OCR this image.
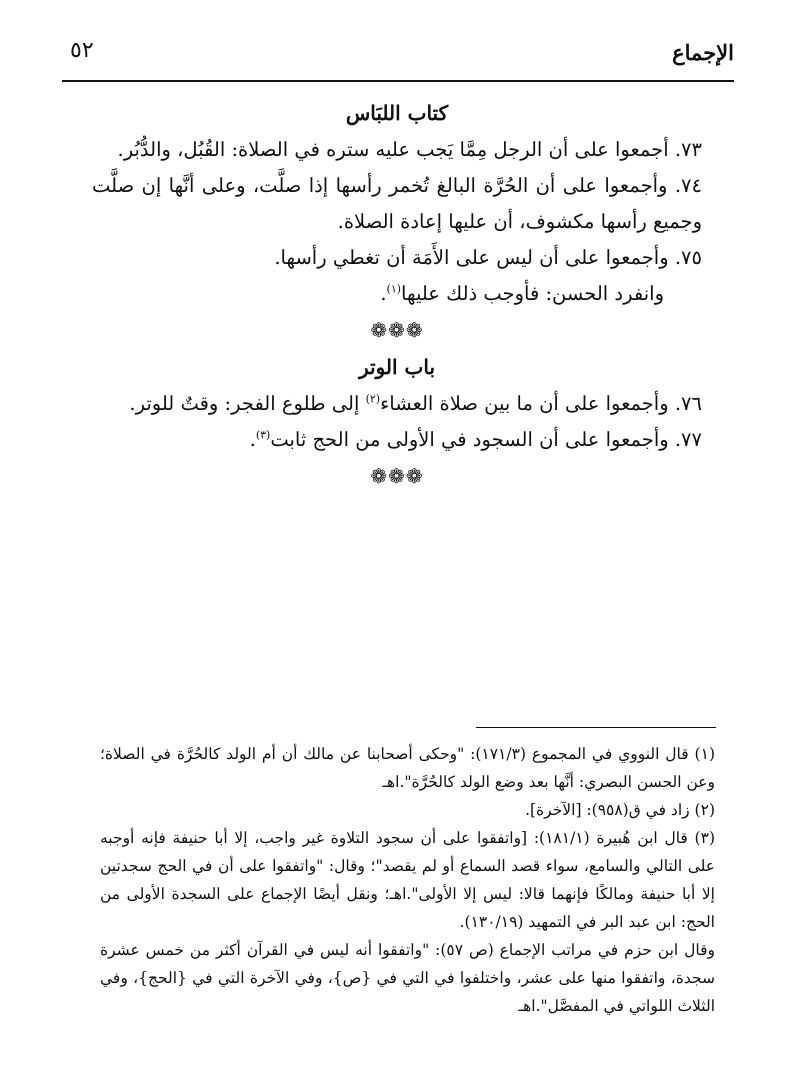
الإجماع
٥٢
كتاب اللبَاس

٧٣. أجمعوا على أن الرجل مِمَّا يَجب عليه ستره في الصلاة: القُبُل، والدُّبُر.

٧٤. وأجمعوا على أن الحُرَّة البالغ تُخمر رأسها إذا صلَّت، وعلى أنَّها إن صلَّت وجميع رأسها مكشوف، أن عليها إعادة الصلاة.

٧٥. وأجمعوا على أن ليس على الأَمَة أن تغطي رأسها.

وانفرد الحسن: فأوجب ذلك عليها$^{(١)}$.

❁❁❁
باب الوتر

٧٦. وأجمعوا على أن ما بين صلاة العشاء$^{(٢)}$ إلى طلوع الفجر: وقتٌ للوتر.

٧٧. وأجمعوا على أن السجود في الأولى من الحج ثابت$^{(٣)}$.

❁❁❁

(١) قال النووي في المجموع (١٧١/٣): "وحكى أصحابنا عن مالك أن أم الولد كالحُرَّة في الصلاة؛ وعن الحسن البصري: أنَّها بعد وضع الولد كالحُرَّة".اهـ

(٢) زاد في ق(٩٥٨): [الآخرة].

(٣) قال ابن هُبيرة (١٨١/١): [واتفقوا على أن سجود التلاوة غير واجب، إلا أبا حنيفة فإنه أوجبه على التالي والسامع، سواء قصد السماع أو لم يقصد"؛ وقال: "واتفقوا على أن في الحج سجدتين إلا أبا حنيفة ومالكًا فإنهما قالا: ليس إلا الأولى".اهـ؛ ونقل أيضًا الإجماع على السجدة الأولى من الحج: ابن عبد البر في التمهيد (١٣٠/١٩).

وقال ابن حزم في مراتب الإجماع (ص ٥٧): "واتفقوا أنه ليس في القرآن أكثر من خمس عشرة سجدة، واتفقوا منها على عشر، واختلفوا في التي في {ص}، وفي الآخرة التي في {الحج}، وفي الثلاث اللواتي في المفصَّل".اهـ
